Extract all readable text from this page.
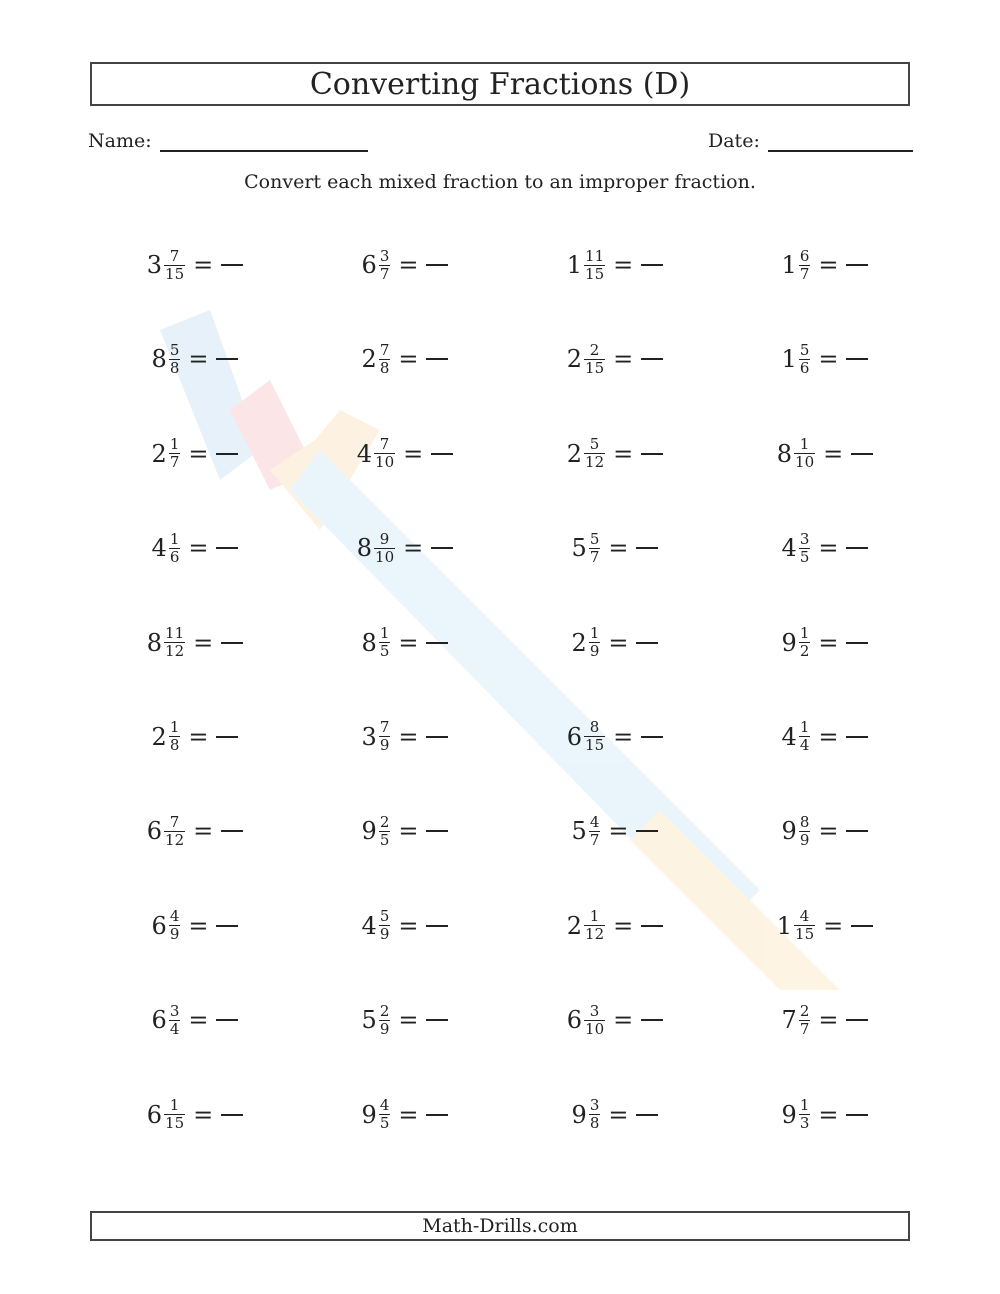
Converting Fractions (D)
Name:	Date:
Convert each mixed fraction to an improper fraction.
$3 \frac{7}{15}$ =	$6 \frac{3}{7}$ =	$1 \frac{11}{15}$ =	$1 \frac{6}{7}$ =
$8 \frac{5}{8}$ =	$2 \frac{7}{8}$ =	$2 \frac{2}{15}$ =	$1 \frac{5}{6}$ =
$2 \frac{1}{7}$ =	$4 \frac{7}{10}$ =	$2 \frac{5}{12}$ =	$8 \frac{1}{10}$ =
$4 \frac{1}{6}$ =	$8 \frac{9}{10}$ =	$5 \frac{5}{7}$ =	$4 \frac{3}{5}$ =
$8 \frac{11}{12}$ =	$8 \frac{1}{5}$ =	$2 \frac{1}{9}$ =	$9 \frac{1}{2}$ =
$2 \frac{1}{8}$ =	$3 \frac{7}{9}$ =	$6 \frac{8}{15}$ =	$4 \frac{1}{4}$ =
$6 \frac{7}{12}$ =	$9 \frac{2}{5}$ =	$5 \frac{4}{7}$ =	$9 \frac{8}{9}$ =
$6 \frac{4}{9}$ =	$4 \frac{5}{9}$ =	$2 \frac{1}{12}$ =	$1 \frac{4}{15}$ =
$6 \frac{3}{4}$ =	$5 \frac{2}{9}$ =	$6 \frac{3}{10}$ =	$7 \frac{2}{7}$ =
$6 \frac{1}{15}$ =	$9 \frac{4}{5}$ =	$9 \frac{3}{8}$ =	$9 \frac{1}{3}$ =
Math-Drills.com
